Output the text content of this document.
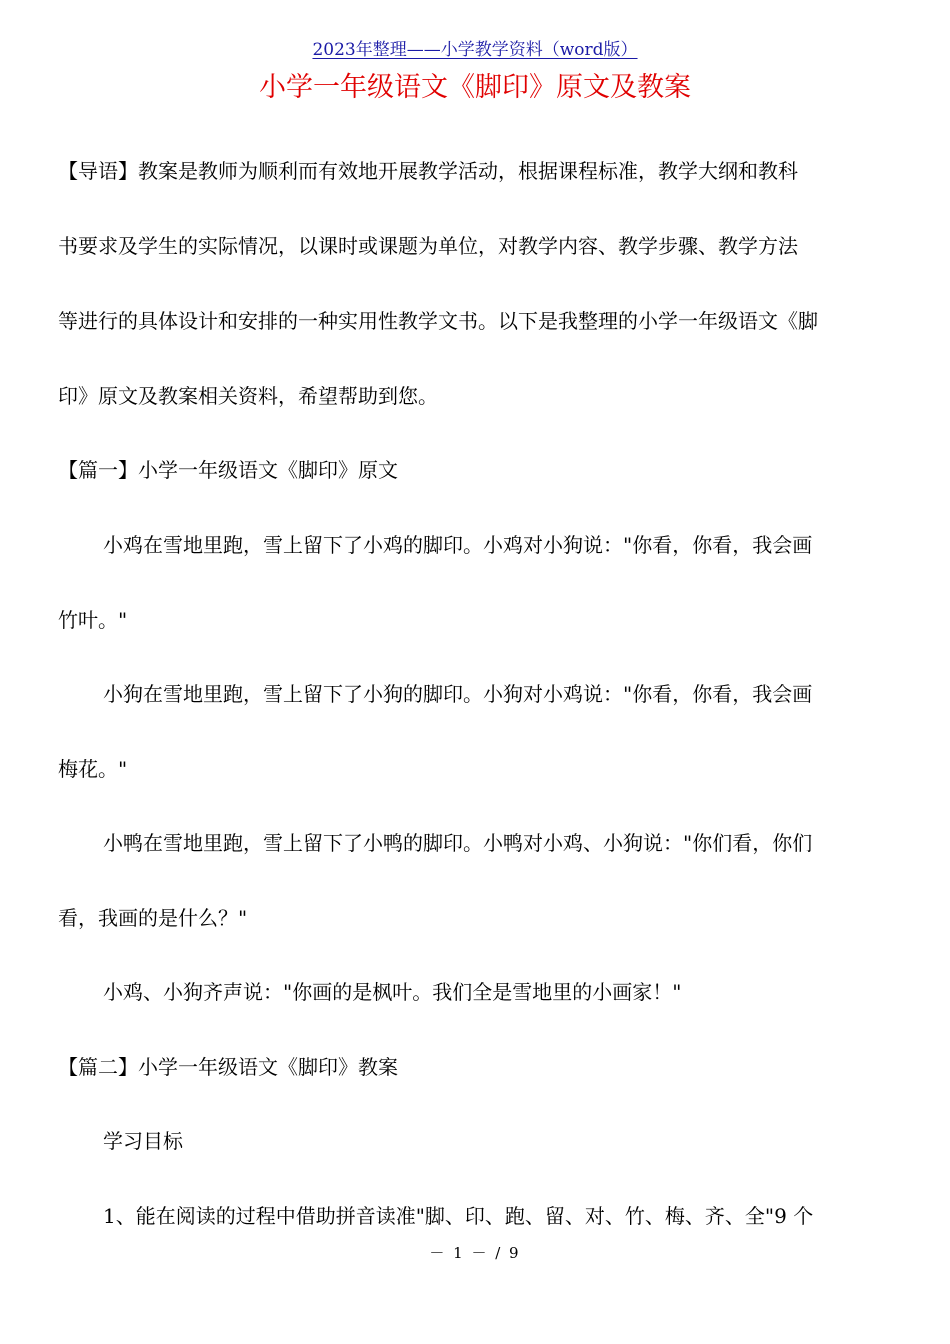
2023年整理——小学教学资料（word版）
小学一年级语文《脚印》原文及教案

【导语】教案是教师为顺利而有效地开展教学活动，根据课程标准，教学大纲和教科

书要求及学生的实际情况，以课时或课题为单位，对教学内容、教学步骤、教学方法

等进行的具体设计和安排的一种实用性教学文书。以下是我整理的小学一年级语文《脚

印》原文及教案相关资料，希望帮助到您。

【篇一】小学一年级语文《脚印》原文

小鸡在雪地里跑，雪上留下了小鸡的脚印。小鸡对小狗说："你看，你看，我会画

竹叶。"

小狗在雪地里跑，雪上留下了小狗的脚印。小狗对小鸡说："你看，你看，我会画

梅花。"

小鸭在雪地里跑，雪上留下了小鸭的脚印。小鸭对小鸡、小狗说："你们看，你们

看，我画的是什么？"

小鸡、小狗齐声说："你画的是枫叶。我们全是雪地里的小画家！"

【篇二】小学一年级语文《脚印》教案

学习目标

1、能在阅读的过程中借助拼音读准"脚、印、跑、留、对、竹、梅、齐、全"9 个

－ 1 － / 9
